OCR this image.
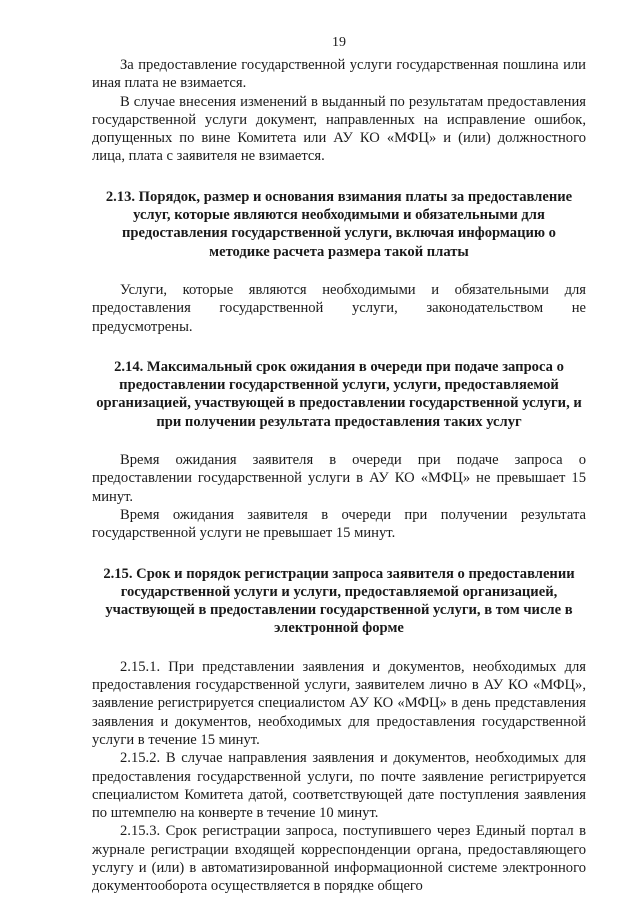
19

За предоставление государственной услуги государственная пошлина или иная плата не взимается.

В случае внесения изменений в выданный по результатам предоставления государственной услуги документ, направленных на исправление ошибок, допущенных по вине Комитета или АУ КО «МФЦ» и (или) должностного лица, плата с заявителя не взимается.

2.13. Порядок, размер и основания взимания платы за предоставление услуг, которые являются необходимыми и обязательными для предоставления государственной услуги, включая информацию о методике расчета размера такой платы

Услуги, которые являются необходимыми и обязательными для предоставления государственной услуги, законодательством не предусмотрены.

2.14. Максимальный срок ожидания в очереди при подаче запроса о предоставлении государственной услуги, услуги, предоставляемой организацией, участвующей в предоставлении государственной услуги, и при получении результата предоставления таких услуг

Время ожидания заявителя в очереди при подаче запроса о предоставлении государственной услуги в АУ КО «МФЦ» не превышает 15 минут.

Время ожидания заявителя в очереди при получении результата государственной услуги не превышает 15 минут.

2.15. Срок и порядок регистрации запроса заявителя о предоставлении государственной услуги и услуги, предоставляемой организацией, участвующей в предоставлении государственной услуги, в том числе в электронной форме

2.15.1. При представлении заявления и документов, необходимых для предоставления государственной услуги, заявителем лично в АУ КО «МФЦ», заявление регистрируется специалистом АУ КО «МФЦ» в день представления заявления и документов, необходимых для предоставления государственной услуги в течение 15 минут.

2.15.2. В случае направления заявления и документов, необходимых для предоставления государственной услуги, по почте заявление регистрируется специалистом Комитета датой, соответствующей дате поступления заявления по штемпелю на конверте в течение 10 минут.

2.15.3. Срок регистрации запроса, поступившего через Единый портал в журнале регистрации входящей корреспонденции органа, предоставляющего услугу и (или) в автоматизированной информационной системе электронного документооборота осуществляется в порядке общего
